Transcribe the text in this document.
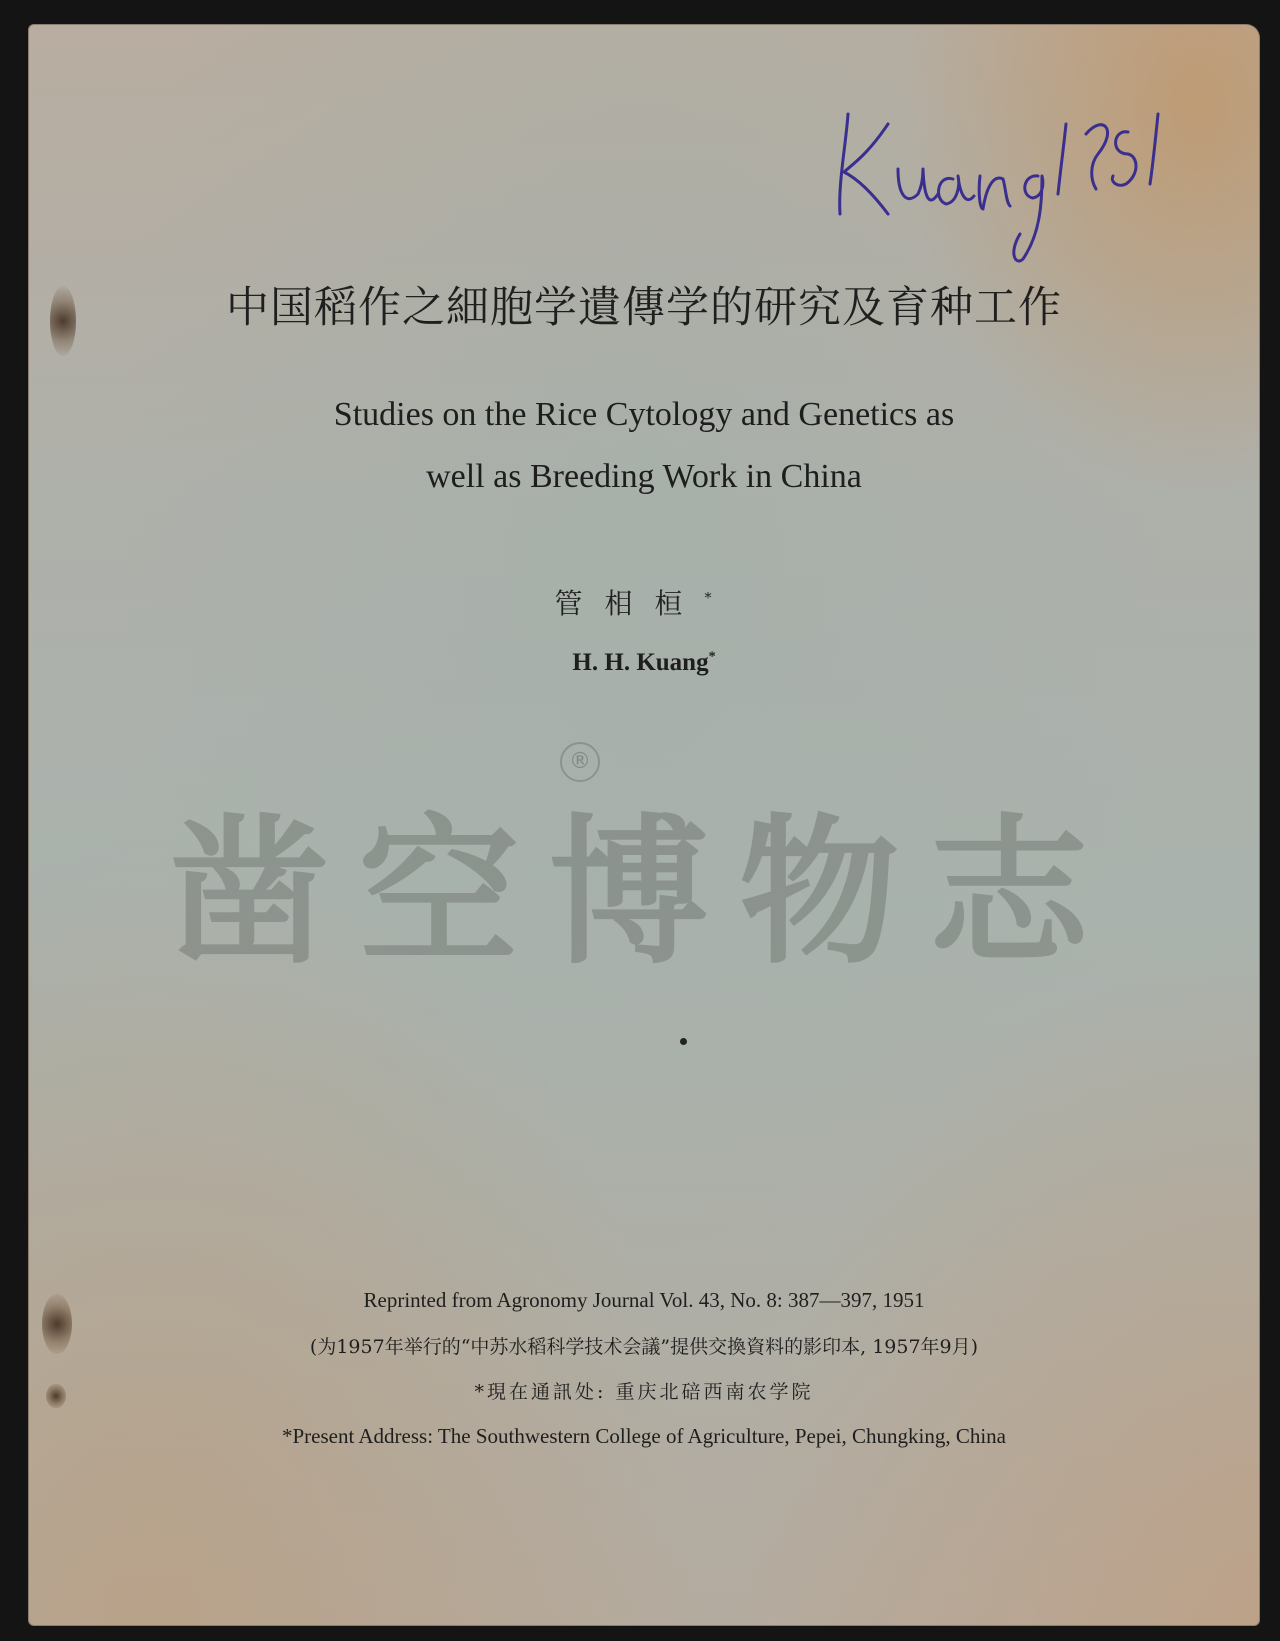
Kuang 1951
中国稻作之細胞学遺傳学的研究及育种工作
Studies on the Rice Cytology and Genetics as
well as Breeding Work in China
管相桓*
H. H. Kuang*
®
凿空博物志
Reprinted from Agronomy Journal Vol. 43, No. 8: 387—397, 1951
(为1957年举行的“中苏水稻科学技术会議”提供交換資料的影印本, 1957年9月)
*現在通訊处: 重庆北碚西南农学院
*Present Address: The Southwestern College of Agriculture, Pepei, Chungking, China
